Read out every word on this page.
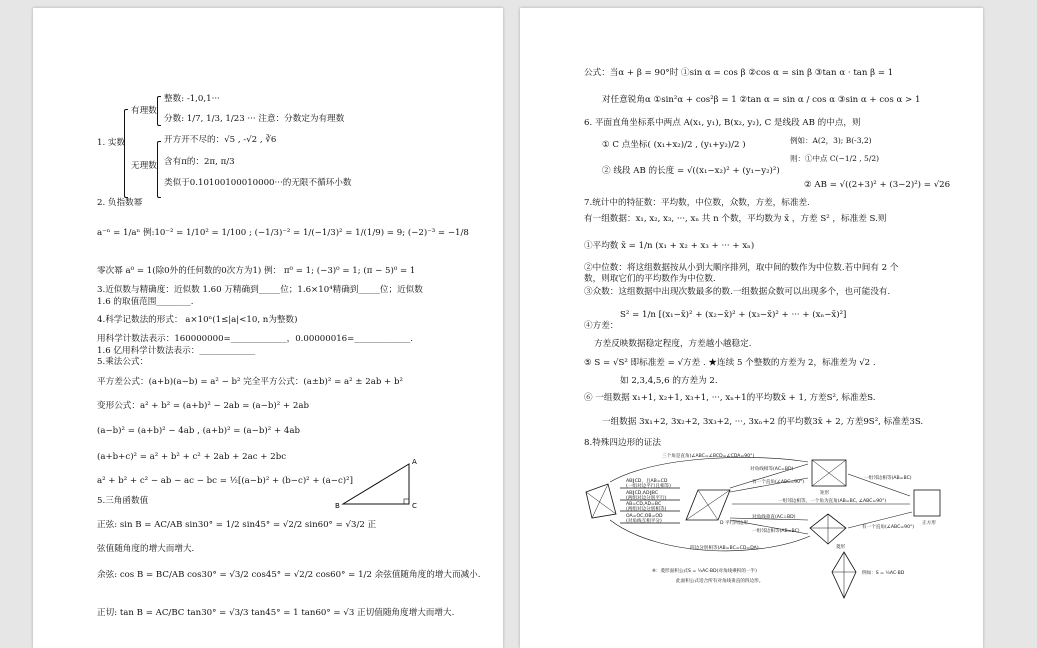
1. 实数
有理数
无理数
整数: -1,0,1···
分数: 1/7, 1/3, 1/23 ··· 注意：分数定为有理数
开方开不尽的：√5 , -√2 , ∛6
含有π的：2π, π/3
类似于0.10100100010000···的无限不循环小数
2. 负指数幂
a⁻ⁿ = 1/aⁿ 例:10⁻² = 1/10² = 1/100 ; (−1/3)⁻² = 1/(−1/3)² = 1/(1/9) = 9; (−2)⁻³ = −1/8
零次幂 a⁰ = 1(除0外的任何数的0次方为1) 例： π⁰ = 1; (−3)⁰ = 1; (π − 5)⁰ = 1
3.近似数与精确度：近似数 1.60 万精确到_____位；1.6×10⁴精确到_____位；近似数
1.6 的取值范围________.
4.科学记数法的形式： a×10ⁿ(1≤|a|<10, n为整数)
用科学计数法表示：160000000=_____________，0.00000016=_____________.
1.6 亿用科学计数法表示：_____________
5.乘法公式：
平方差公式：(a+b)(a−b) = a² − b² 完全平方公式：(a±b)² = a² ± 2ab + b²
变形公式：a² + b² = (a+b)² − 2ab = (a−b)² + 2ab
(a−b)² = (a+b)² − 4ab , (a+b)² = (a−b)² + 4ab
(a+b+c)² = a² + b² + c² + 2ab + 2ac + 2bc
a² + b² + c² − ab − ac − bc = ½[(a−b)² + (b−c)² + (a−c)²]
B
A
C
5.三角函数值
正弦: sin B = AC/AB sin30° = 1/2 sin45° = √2/2 sin60° = √3/2 正
弦值随角度的增大而增大.
余弦: cos B = BC/AB cos30° = √3/2 cos45° = √2/2 cos60° = 1/2 余弦值随角度的增大而减小.
正切: tan B = AC/BC tan30° = √3/3 tan45° = 1 tan60° = √3 正切值随角度增大而增大.
公式：当α + β = 90°时 ①sin α = cos β ②cos α = sin β ③tan α · tan β = 1
对任意锐角α ①sin²α + cos²β = 1 ②tan α = sin α / cos α ③sin α + cos α > 1
6. 平面直角坐标系中两点 A(x₁, y₁), B(x₂, y₂), C 是线段 AB 的中点，则
① C 点坐标( (x₁+x₂)/2 , (y₁+y₂)/2 )	例如：A(2，3); B(-3,2)
则：①中点 C(−1/2 , 5/2)
② 线段 AB 的长度 = √((x₁−x₂)² + (y₁−y₂)²)
② AB = √((2+3)² + (3−2)²) = √26
7.统计中的特征数：平均数，中位数，众数，方差，标准差.
有一组数据：x₁, x₂, x₃, ···, xₙ 共 n 个数，平均数为 x̄ ，方差 S² ，标准差 S.则
①平均数 x̄ = 1/n (x₁ + x₂ + x₃ + ··· + xₙ)
②中位数：将这组数据按从小到大顺序排列，取中间的数作为中位数.若中间有 2 个
数，则取它们的平均数作为中位数.
③众数：这组数据中出现次数最多的数.一组数据众数可以出现多个，也可能没有.
④方差：
S² = 1/n [(x₁−x̄)² + (x₂−x̄)² + (x₃−x̄)² + ··· + (xₙ−x̄)²]
方差反映数据稳定程度，方差越小越稳定.
⑤ S = √S² 即标准差 = √方差 . ★连续 5 个整数的方差为 2，标准差为 √2 .
如 2,3,4,5,6 的方差为 2.
⑥ 一组数据 x₁+1, x₂+1, x₃+1, ···, xₙ+1的平均数x̄ + 1, 方差S², 标准差S.
一组数据 3x₁+2, 3x₂+2, 3x₃+2, ···, 3xₙ+2 的平均数3x̄ + 2, 方差9S², 标准差3S.
8.特殊四边形的证法
AB∥CD，且AB=CD
(一组对边平行且相等)
AB∥CD,AD∥BC
(两组对边分别平行)
AB=CD,AD=BC
(两组对边分别相等)
OA=OC,OB=OD
(对角线互相平分)	D 平行四边形
三个角是直角(∠ABC=∠BCD=∠CDA=90°)
对角线相等(AC=BD)
有一个直角(∠ABC=90°)
矩形
一组邻边相等(AB=BC)
一组邻边相等，一个角为直角(AB=BC, ∠ABC=90°)
正方形
对角线垂直(AC⊥BD)
一组邻边相等(AB=BC)
菱形
有一个直角(∠ABC=90°)
四边分别相等(AB=BC=CD=DA)
※：菱形面积公式S = ½AC·BD(对角线乘积的一半)
此面积公式适合所有对角线垂直的四边形。
例如：S = ½AC·BD
